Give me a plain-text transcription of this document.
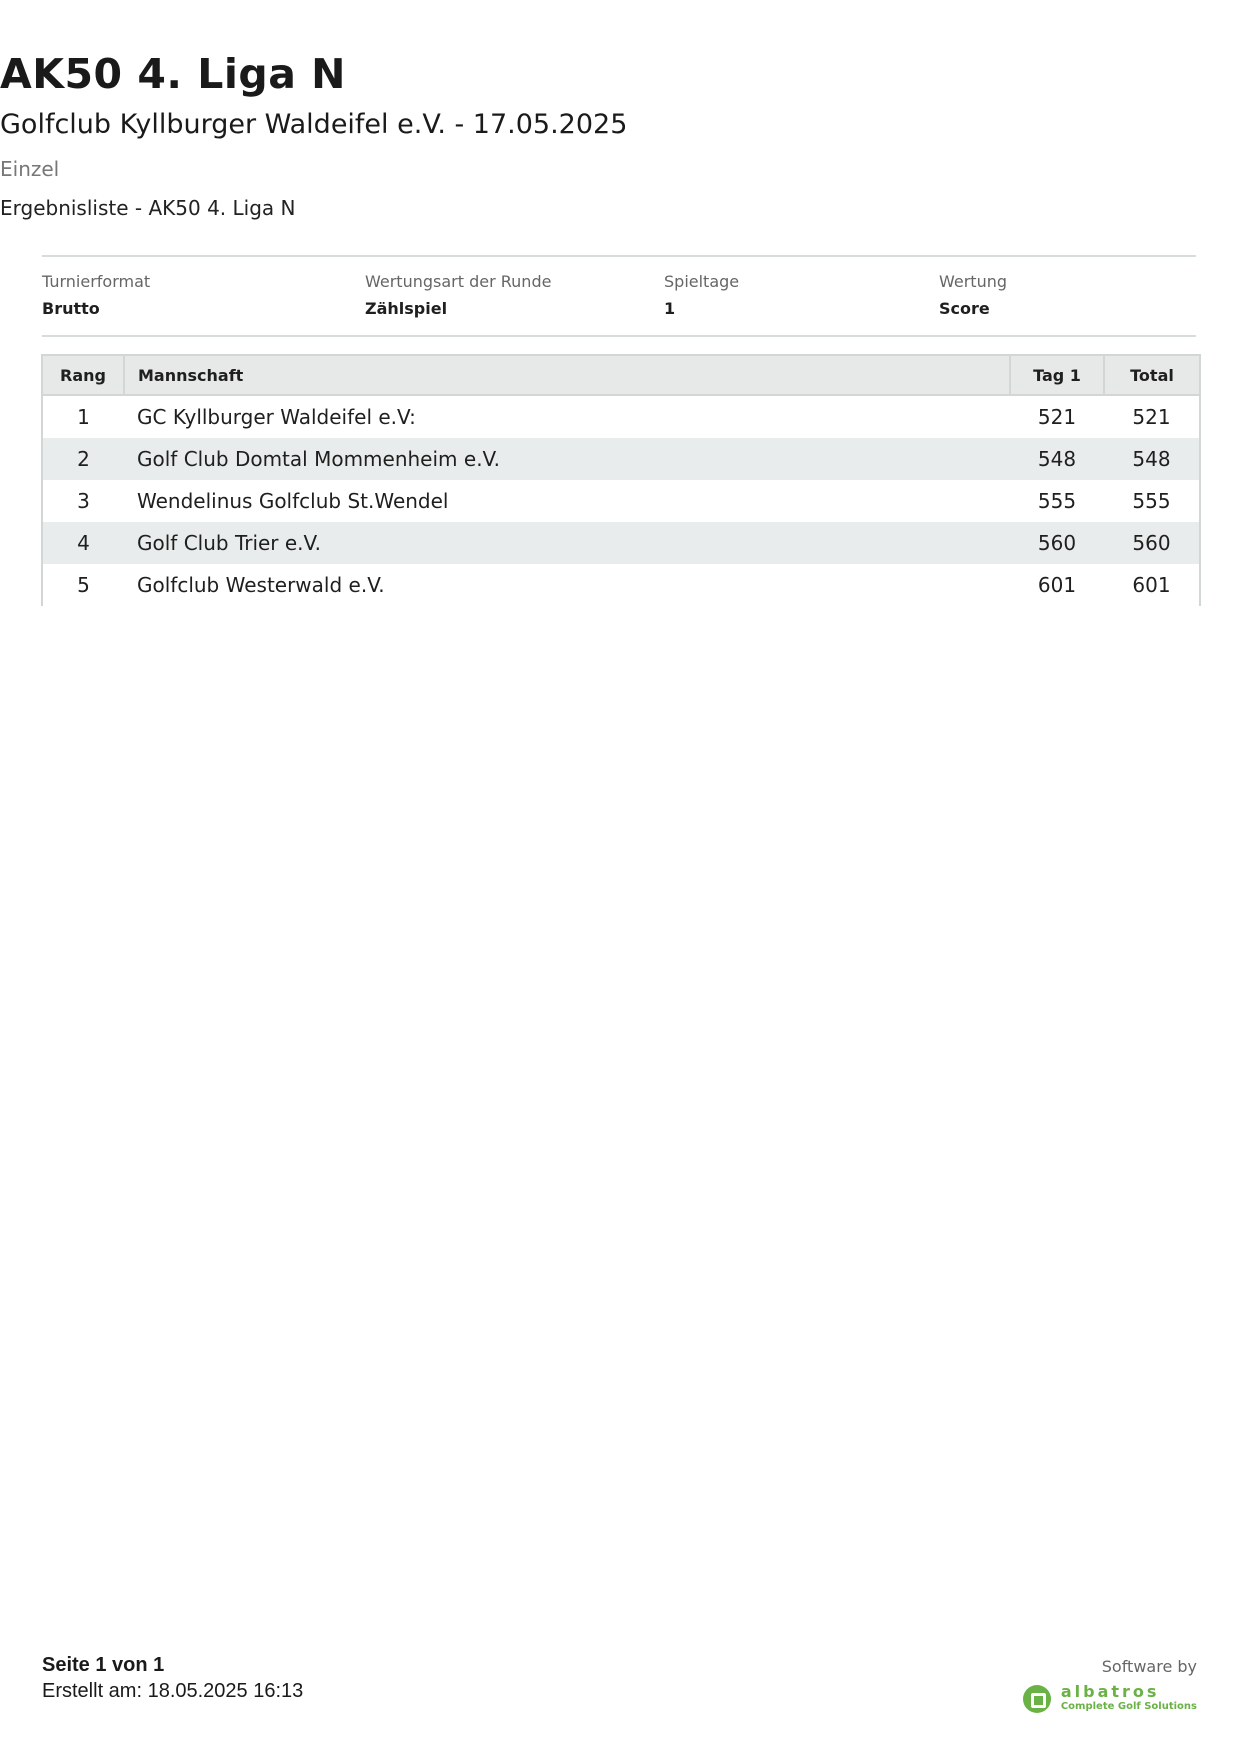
AK50 4. Liga N
Golfclub Kyllburger Waldeifel e.V. - 17.05.2025
Einzel
Ergebnisliste - AK50 4. Liga N
Turnierformat
Brutto
Wertungsart der Runde
Zählspiel
Spieltage
1
Wertung
Score
Rang	Mannschaft	Tag 1	Total
1	GC Kyllburger Waldeifel e.V:	521	521
2	Golf Club Domtal Mommenheim e.V.	548	548
3	Wendelinus Golfclub St.Wendel	555	555
4	Golf Club Trier e.V.	560	560
5	Golfclub Westerwald e.V.	601	601
Seite 1 von 1
Erstellt am: 18.05.2025 16:13
Software by
albatros
Complete Golf Solutions
